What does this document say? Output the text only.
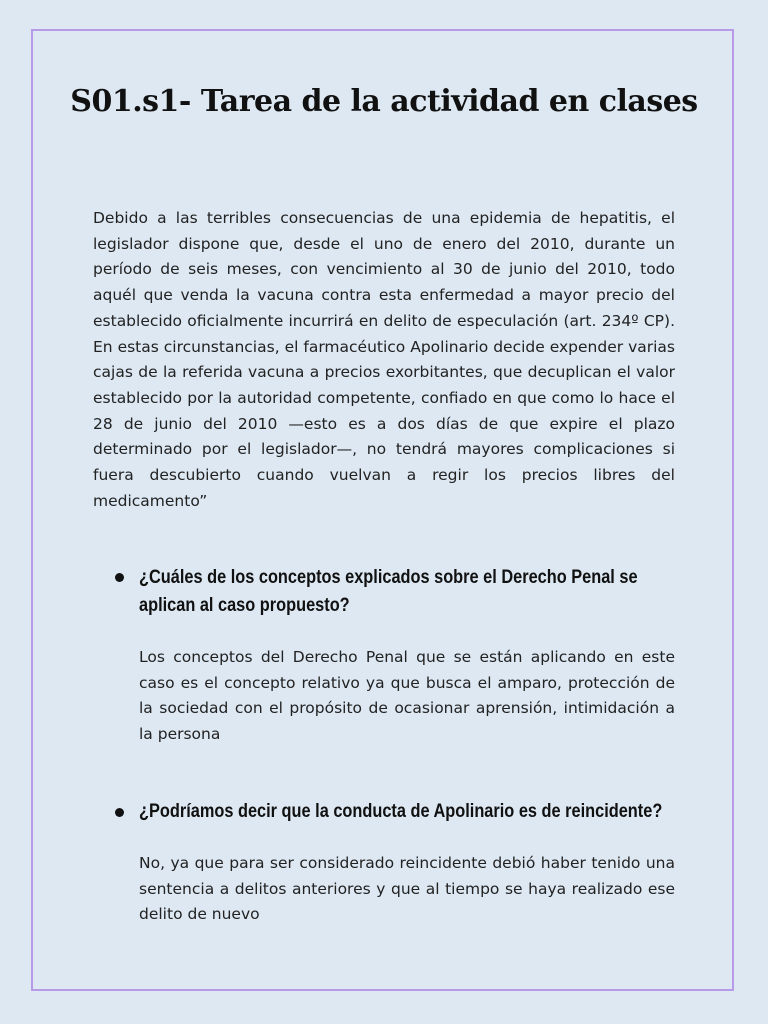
S01.s1- Tarea de la actividad en clases

Debido a las terribles consecuencias de una epidemia de hepatitis, el legislador dispone que, desde el uno de enero del 2010, durante un período de seis meses, con vencimiento al 30 de junio del 2010, todo aquél que venda la vacuna contra esta enfermedad a mayor precio del establecido oficialmente incurrirá en delito de especulación (art. 234º CP). En estas circunstancias, el farmacéutico Apolinario decide expender varias cajas de la referida vacuna a precios exorbitantes, que decuplican el valor establecido por la autoridad competente, confiado en que como lo hace el 28 de junio del 2010 —esto es a dos días de que expire el plazo determinado por el legislador—, no tendrá mayores complicaciones si fuera descubierto cuando vuelvan a regir los precios libres del medicamento”

¿Cuáles de los conceptos explicados sobre el Derecho Penal se aplican al caso propuesto?

Los conceptos del Derecho Penal que se están aplicando en este caso es el concepto relativo ya que busca el amparo, protección de la sociedad con el propósito de ocasionar aprensión, intimidación a la persona

¿Podríamos decir que la conducta de Apolinario es de reincidente?

No, ya que para ser considerado reincidente debió haber tenido una sentencia a delitos anteriores y que al tiempo se haya realizado ese delito de nuevo
